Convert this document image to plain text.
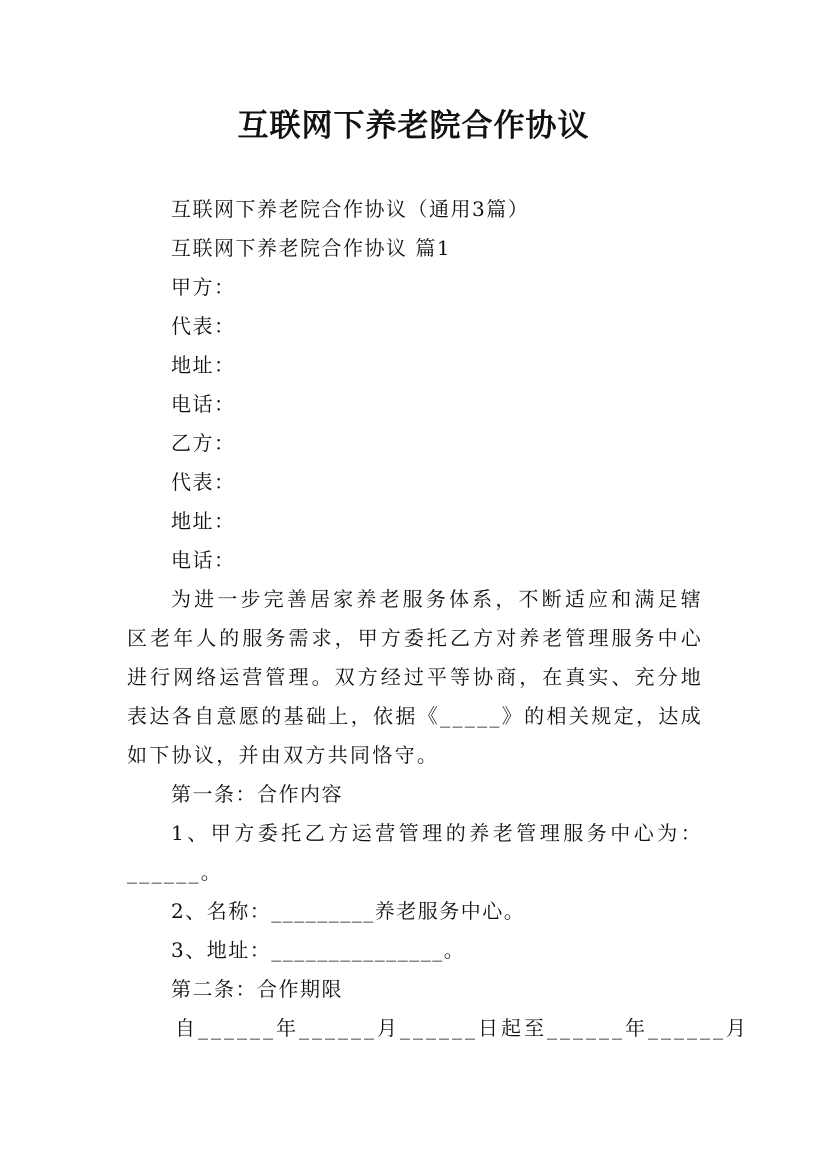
互联网下养老院合作协议
互联网下养老院合作协议（通用3篇）
互联网下养老院合作协议 篇1
甲方：
代表：
地址：
电话：
乙方：
代表：
地址：
电话：
为进一步完善居家养老服务体系，不断适应和满足辖区老年人的服务需求，甲方委托乙方对养老管理服务中心进行网络运营管理。双方经过平等协商，在真实、充分地表达各自意愿的基础上，依据《_____》的相关规定，达成如下协议，并由双方共同恪守。
第一条：合作内容
1、甲方委托乙方运营管理的养老管理服务中心为：______。
2、名称：_________养老服务中心。
3、地址：_______________。
第二条：合作期限
自______年______月______日起至______年______月
